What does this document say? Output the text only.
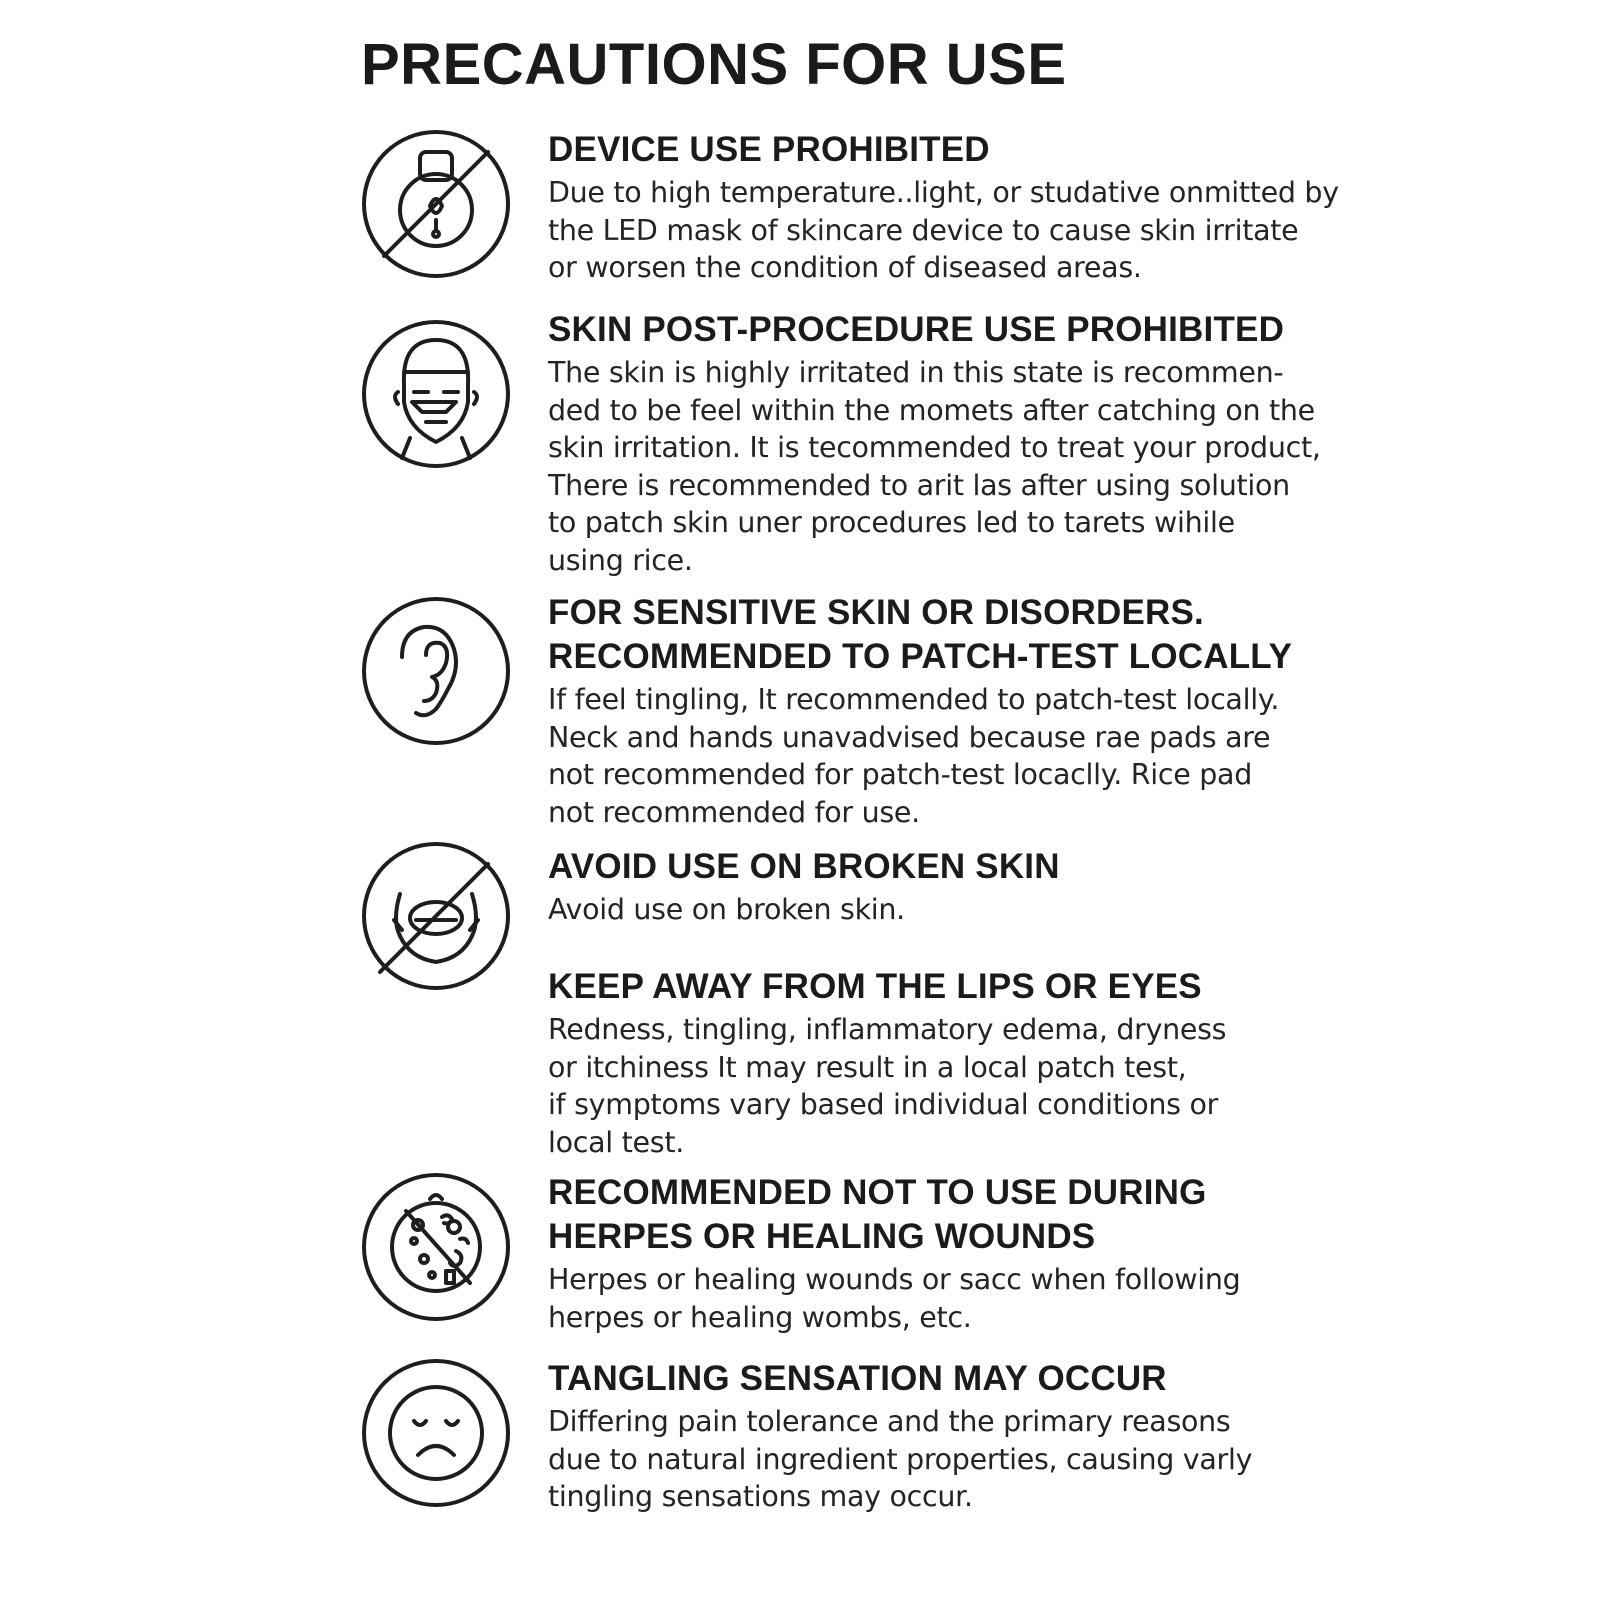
PRECAUTIONS FOR USE
DEVICE USE PROHIBITED

Due to high temperature..light, or studative onmitted by
the LED mask of skincare device to cause skin irritate
or worsen the condition of diseased areas.

SKIN POST-PROCEDURE USE PROHIBITED

The skin is highly irritated in this state is recommen-
ded to be feel within the momets after catching on the
skin irritation. It is tecommended to treat your product,
There is recommended to arit las after using solution
to patch skin uner procedures led to tarets wihile
using rice.

FOR SENSITIVE SKIN OR DISORDERS.
RECOMMENDED TO PATCH-TEST LOCALLY

If feel tingling, It recommended to patch-test locally.
Neck and hands unavadvised because rae pads are
not recommended for patch-test locaclly. Rice pad
not recommended for use.

AVOID USE ON BROKEN SKIN

Avoid use on broken skin.

KEEP AWAY FROM THE LIPS OR EYES

Redness, tingling, inflammatory edema, dryness
or itchiness It may result in a local patch test,
if symptoms vary based individual conditions or
local test.

RECOMMENDED NOT TO USE DURING
HERPES OR HEALING WOUNDS

Herpes or healing wounds or sacc when following
herpes or healing wombs, etc.

TANGLING SENSATION MAY OCCUR

Differing pain tolerance and the primary reasons
due to natural ingredient properties, causing varly
tingling sensations may occur.
